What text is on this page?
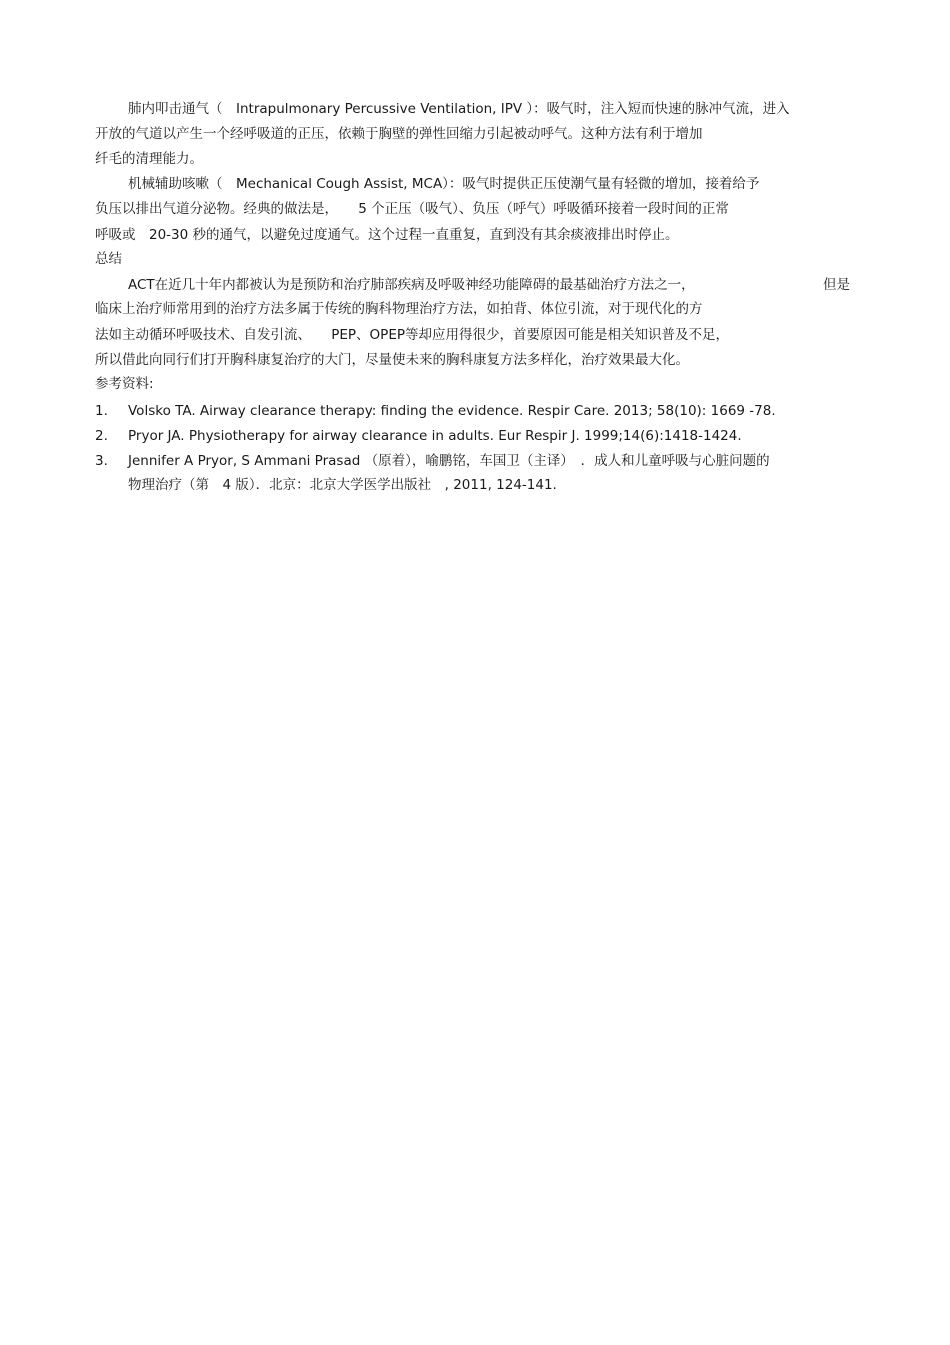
肺内叩击通气（　Intrapulmonary Percussive Ventilation, IPV ）：吸气时，注入短而快速的脉冲气流，进入
开放的气道以产生一个经呼吸道的正压，依赖于胸壁的弹性回缩力引起被动呼气。这种方法有利于增加
纤毛的清理能力。
机械辅助咳嗽（　Mechanical Cough Assist, MCA）：吸气时提供正压使潮气量有轻微的增加，接着给予
负压以排出气道分泌物。经典的做法是，　　5 个正压（吸气）、负压（呼气）呼吸循环接着一段时间的正常
呼吸或　20-30 秒的通气，以避免过度通气。这个过程一直重复，直到没有其余痰液排出时停止。
总结
ACT在近几十年内都被认为是预防和治疗肺部疾病及呼吸神经功能障碍的最基础治疗方法之一，	但是
临床上治疗师常用到的治疗方法多属于传统的胸科物理治疗方法，如拍背、体位引流，对于现代化的方
法如主动循环呼吸技术、自发引流、　　PEP、OPEP等却应用得很少，首要原因可能是相关知识普及不足，
所以借此向同行们打开胸科康复治疗的大门，尽量使未来的胸科康复方法多样化，治疗效果最大化。
参考资料:
1. Volsko TA. Airway clearance therapy: finding the evidence. Respir Care. 2013; 58(10): 1669 -78.
2. Pryor JA. Physiotherapy for airway clearance in adults. Eur Respir J. 1999;14(6):1418-1424.
3. Jennifer A Pryor, S Ammani Prasad （原着），喻鹏铭，车国卫（主译）　．成人和儿童呼吸与心脏问题的
物理治疗（第　4 版）．北京：北京大学医学出版社　, 2011, 124-141.
